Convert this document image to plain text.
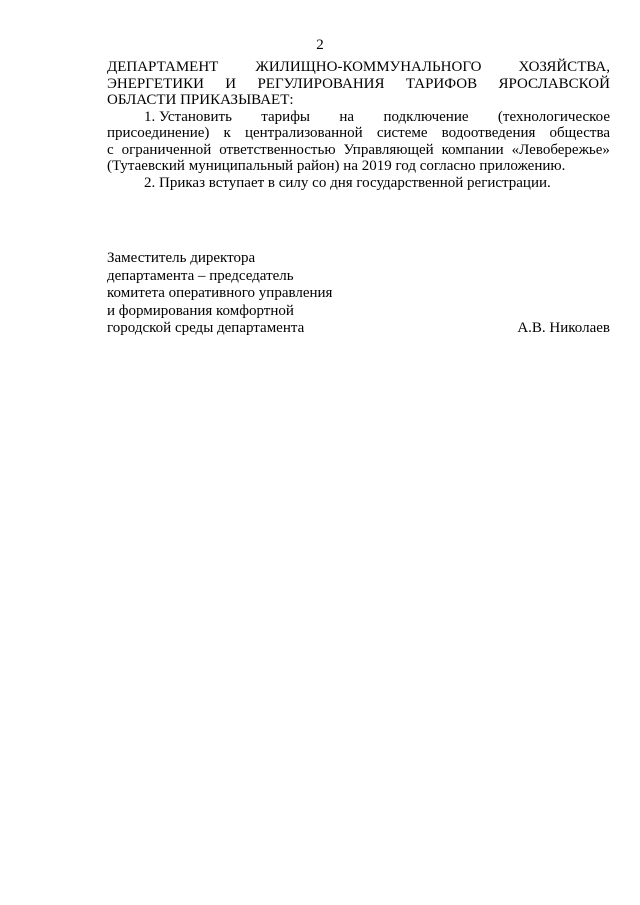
2
ДЕПАРТАМЕНТ ЖИЛИЩНО-КОММУНАЛЬНОГО ХОЗЯЙСТВА,
ЭНЕРГЕТИКИ И РЕГУЛИРОВАНИЯ ТАРИФОВ ЯРОСЛАВСКОЙ
ОБЛАСТИ ПРИКАЗЫВАЕТ:
1. Установить тарифы на подключение (технологическое
присоединение) к централизованной системе водоотведения общества
с ограниченной ответственностью Управляющей компании «Левобережье»
(Тутаевский муниципальный район) на 2019 год согласно приложению.
2. Приказ вступает в силу со дня государственной регистрации.
Заместитель директора
департамента – председатель
комитета оперативного управления
и формирования комфортной
городской среды департамента	А.В. Николаев
